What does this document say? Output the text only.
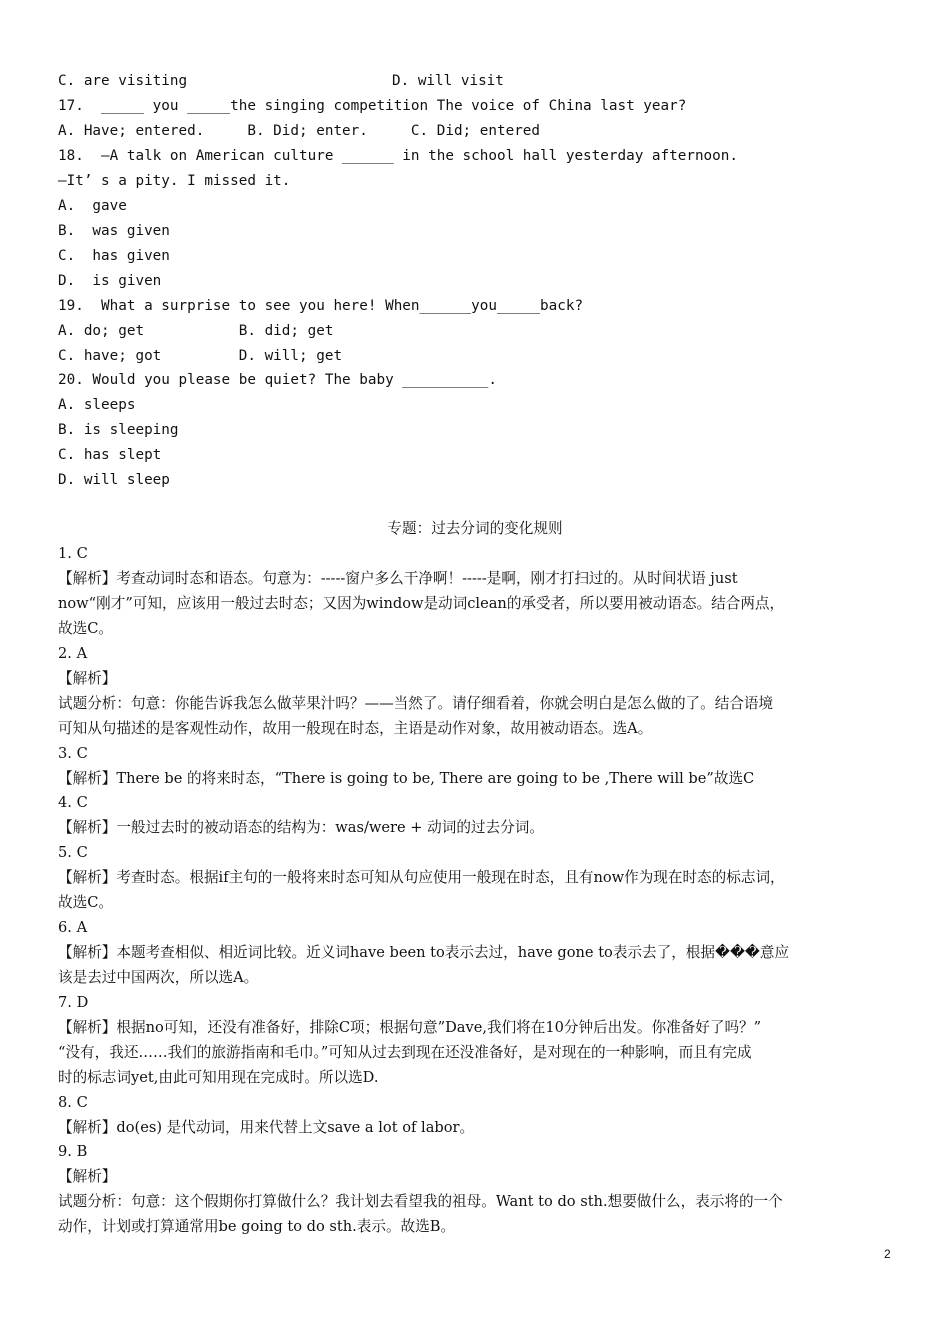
C. are visiting	D. will visit
17.  _____ you _____the singing competition The voice of China last year?
A. Have; entered.     B. Did; enter.     C. Did; entered
18.  —A talk on American culture ______ in the school hall yesterday afternoon.
—It’ s a pity. I missed it.
A.  gave
B.  was given
C.  has given
D.  is given
19.  What a surprise to see you here! When______you_____back?
A. do; get           B. did; get
C. have; got         D. will; get
20. Would you please be quiet? The baby __________.
A. sleeps
B. is sleeping
C. has slept
D. will sleep
专题：过去分词的变化规则
1. C
【解析】考查动词时态和语态。句意为：-----窗户多么干净啊！-----是啊，刚才打扫过的。从时间状语 just
now“刚才”可知，应该用一般过去时态；又因为window是动词clean的承受者，所以要用被动语态。结合两点，
故选C。
2. A
【解析】
试题分析：句意：你能告诉我怎么做苹果汁吗？——当然了。请仔细看着，你就会明白是怎么做的了。结合语境
可知从句描述的是客观性动作，故用一般现在时态，主语是动作对象，故用被动语态。选A。
3. C
【解析】There be 的将来时态，“There is going to be, There are going to be ,There will be”故选C
4. C
【解析】一般过去时的被动语态的结构为：was/were + 动词的过去分词。
5. C
【解析】考查时态。根据if主句的一般将来时态可知从句应使用一般现在时态，且有now作为现在时态的标志词，
故选C。
6. A
【解析】本题考查相似、相近词比较。近义词have been to表示去过，have gone to表示去了，根据���意应
该是去过中国两次，所以选A。
7. D
【解析】根据no可知，还没有准备好，排除C项；根据句意”Dave,我们将在10分钟后出发。你准备好了吗？”
“没有，我还……我们的旅游指南和毛巾。”可知从过去到现在还没准备好，是对现在的一种影响，而且有完成
时的标志词yet,由此可知用现在完成时。所以选D.
8. C
【解析】do(es) 是代动词，用来代替上文save a lot of labor。
9. B
【解析】
试题分析：句意：这个假期你打算做什么？我计划去看望我的祖母。Want to do sth.想要做什么，表示将的一个
动作，计划或打算通常用be going to do sth.表示。故选B。
2
